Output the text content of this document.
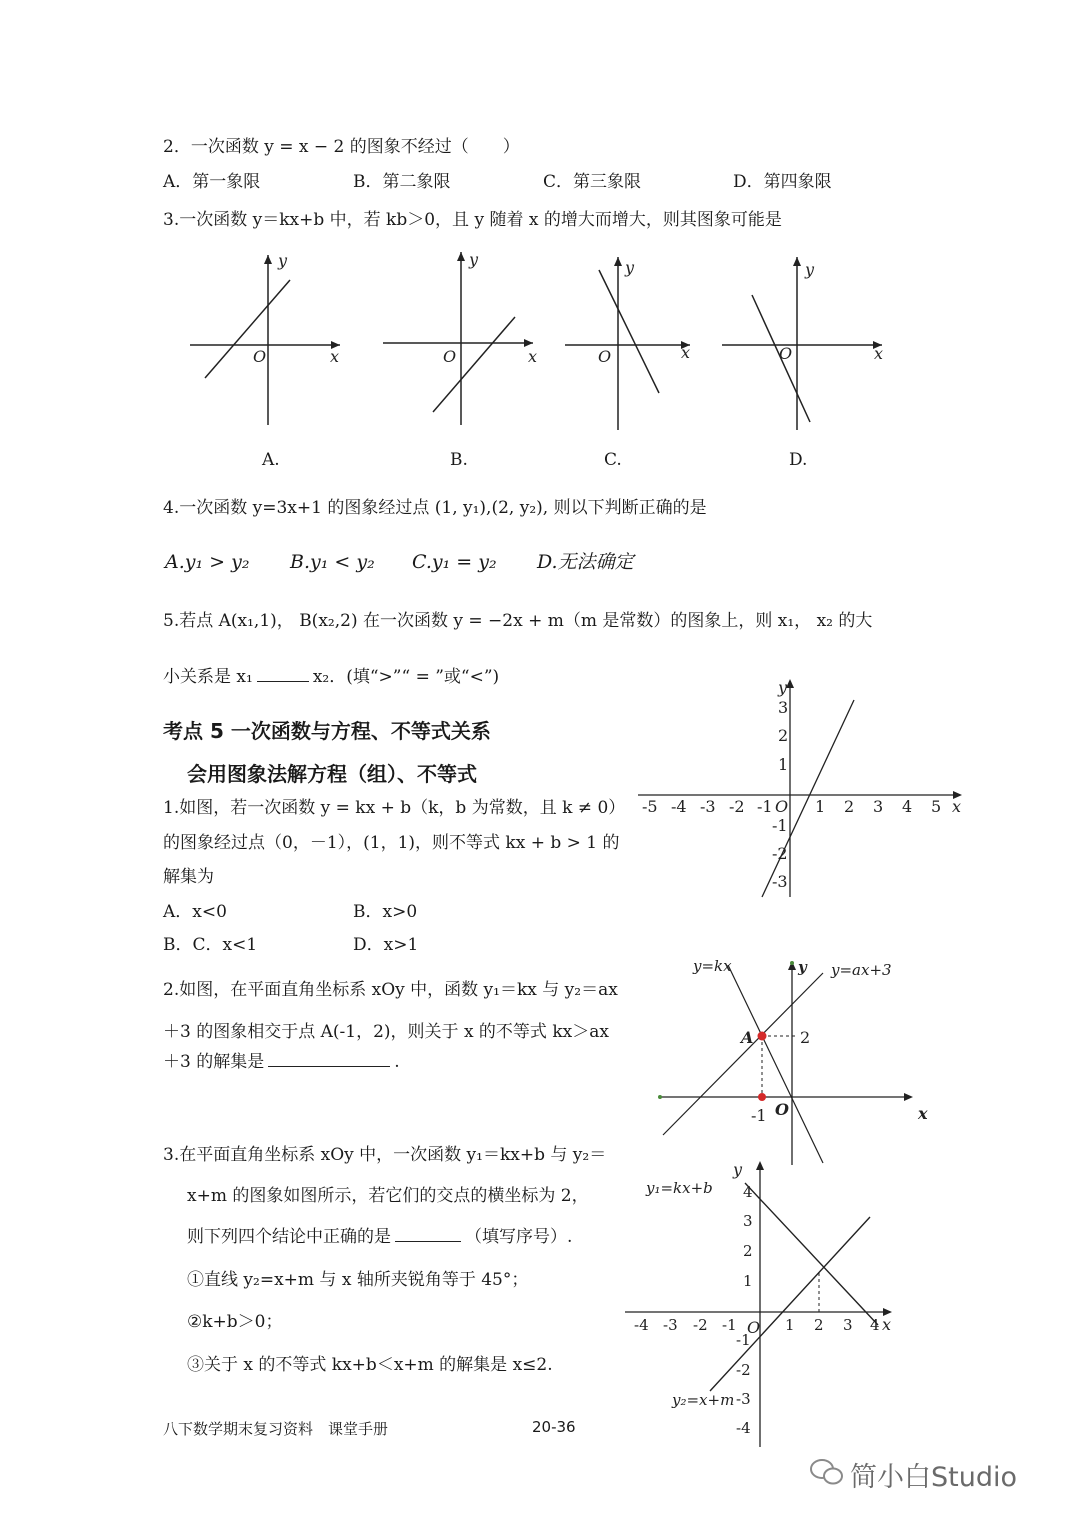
2．一次函数 y = x − 2 的图象不经过（　　）
A．第一象限	B．第二象限	C．第三象限	D．第四象限
3.一次函数 y＝kx+b 中，若 kb＞0，且 y 随着 x 的增大而增大，则其图象可能是
y
x
O
A.
y
x
O
B.
y
x
O
C.
y
x
O
D.
4.一次函数 y=3x+1 的图象经过点 (1, y₁),(2, y₂), 则以下判断正确的是
A.y₁ > y₂ B.y₁ < y₂ C.y₁ = y₂ D.无法确定
5.若点 A(x₁,1)， B(x₂,2) 在一次函数 y = −2x + m（m 是常数）的图象上，则 x₁， x₂ 的大
小关系是 x₁	x₂．(填“>”“ = ”或“<”)
考点 5 一次函数与方程、不等式关系
会用图象法解方程（组）、不等式
1.如图，若一次函数 y = kx + b（k，b 为常数，且 k ≠ 0）
的图象经过点（0，－1），(1，1)，则不等式 kx + b > 1 的
解集为
A．x<0	B．x>0
B．C．x<1	D．x>1
y
x
O
-5 -4 -3 -2 -1	1 2 3 4 5
3
2
1
-1
-2
-3
2.如图，在平面直角坐标系 xOy 中，函数 y₁＝kx 与 y₂＝ax
＋3 的图象相交于点 A(-1，2)，则关于 x 的不等式 kx＞ax
＋3 的解集是	.
y=kx	y=ax+3
y
A	2
-1 O	x
3.在平面直角坐标系 xOy 中，一次函数 y₁＝kx+b 与 y₂＝
x+m 的图象如图所示，若它们的交点的横坐标为 2，
则下列四个结论中正确的是	（填写序号）.
①直线 y₂=x+m 与 x 轴所夹锐角等于 45°；
②k+b＞0；
③关于 x 的不等式 kx+b＜x+m 的解集是 x≤2.
y₁=kx+b
y₂=x+m
y
x
O
-4 -3 -2 -1	1 2 3 4
4
3
2
1
-1
-2
-3
-4
八下数学期末复习资料　课堂手册	20-36
简小白Studio
